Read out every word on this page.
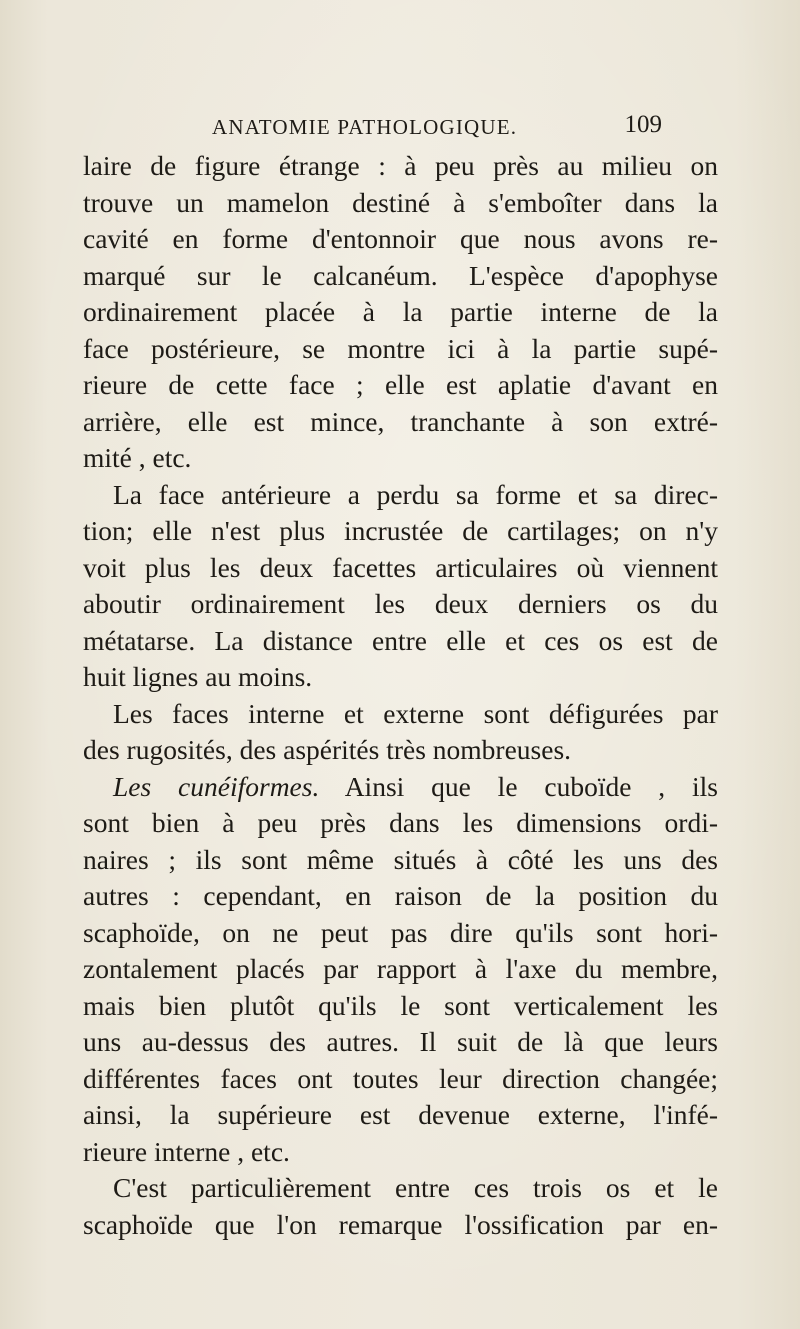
ANATOMIE PATHOLOGIQUE.	109
laire de figure étrange : à peu près au milieu on
trouve un mamelon destiné à s'emboîter dans la
cavité en forme d'entonnoir que nous avons re-
marqué sur le calcanéum. L'espèce d'apophyse
ordinairement placée à la partie interne de la
face postérieure, se montre ici à la partie supé-
rieure de cette face ; elle est aplatie d'avant en
arrière, elle est mince, tranchante à son extré-
mité , etc.
La face antérieure a perdu sa forme et sa direc-
tion; elle n'est plus incrustée de cartilages; on n'y
voit plus les deux facettes articulaires où viennent
aboutir ordinairement les deux derniers os du
métatarse. La distance entre elle et ces os est de
huit lignes au moins.
Les faces interne et externe sont défigurées par
des rugosités, des aspérités très nombreuses.
Les cunéiformes. Ainsi que le cuboïde , ils
sont bien à peu près dans les dimensions ordi-
naires ; ils sont même situés à côté les uns des
autres : cependant, en raison de la position du
scaphoïde, on ne peut pas dire qu'ils sont hori-
zontalement placés par rapport à l'axe du membre,
mais bien plutôt qu'ils le sont verticalement les
uns au-dessus des autres. Il suit de là que leurs
différentes faces ont toutes leur direction changée;
ainsi, la supérieure est devenue externe, l'infé-
rieure interne , etc.
C'est particulièrement entre ces trois os et le
scaphoïde que l'on remarque l'ossification par en-
